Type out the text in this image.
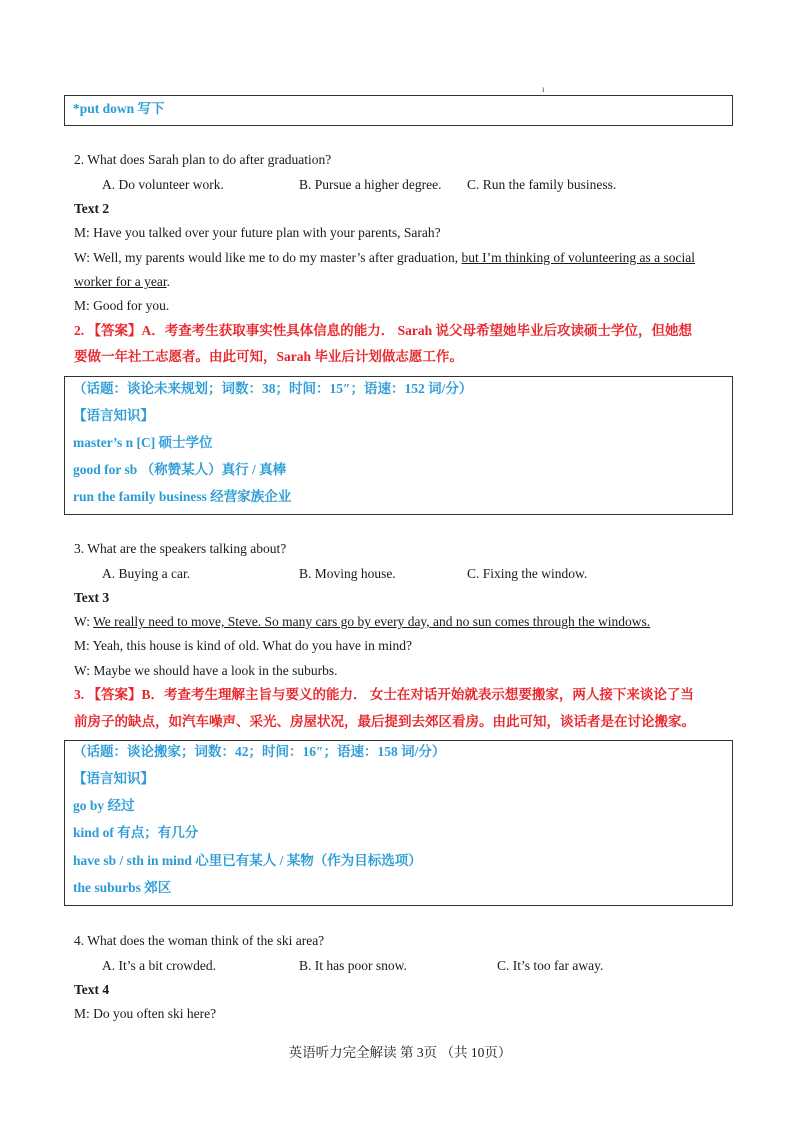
ı
*put down 写下
2. What does Sarah plan to do after graduation?
A. Do volunteer work.	B. Pursue a higher degree. C. Run the family business.
Text 2
M: Have you talked over your future plan with your parents, Sarah?
W: Well, my parents would like me to do my master’s after graduation, but I’m thinking of volunteering as a social
worker for a year.
M: Good for you.
2. 【答案】A．考查考生获取事实性具体信息的能力． Sarah 说父母希望她毕业后攻读硕士学位，但她想
要做一年社工志愿者。由此可知，Sarah 毕业后计划做志愿工作。
（话题：谈论未来规划；词数：38；时间：15″；语速：152 词/分）
【语言知识】
master’s n [C] 硕士学位
good for sb （称赞某人）真行 / 真棒
run the family business 经营家族企业
3. What are the speakers talking about?
A. Buying a car.	B. Moving house.	C. Fixing the window.
Text 3
W: We really need to move, Steve. So many cars go by every day, and no sun comes through the windows.
M: Yeah, this house is kind of old. What do you have in mind?
W: Maybe we should have a look in the suburbs.
3. 【答案】B．考查考生理解主旨与要义的能力． 女士在对话开始就表示想要搬家，两人接下来谈论了当
前房子的缺点，如汽车噪声、采光、房屋状况，最后提到去郊区看房。由此可知，谈话者是在讨论搬家。
（话题：谈论搬家；词数：42；时间：16″；语速：158 词/分）
【语言知识】
go by 经过
kind of 有点；有几分
have sb / sth in mind 心里已有某人 / 某物（作为目标选项）
the suburbs 郊区
4. What does the woman think of the ski area?
A. It’s a bit crowded.	B. It has poor snow.	C. It’s too far away.
Text 4
M: Do you often ski here?
英语听力完全解读 第 3页 （共 10页）
